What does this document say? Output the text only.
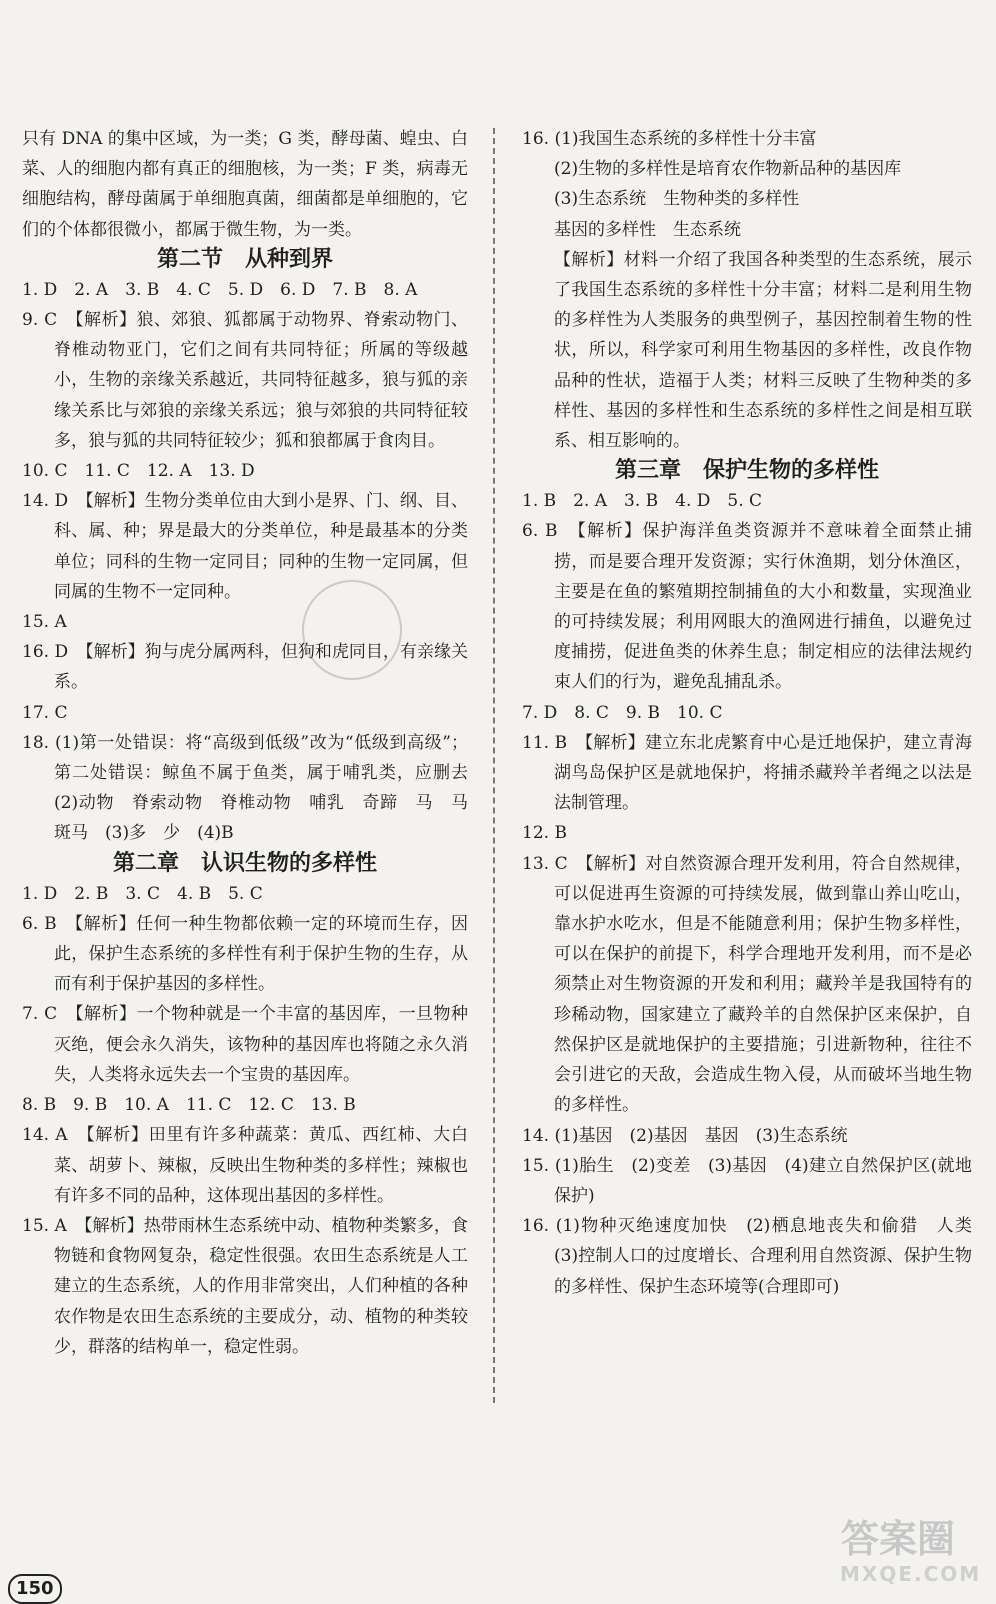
只有 DNA 的集中区域，为一类；G 类，酵母菌、蝗虫、白菜、人的细胞内都有真正的细胞核，为一类；F 类，病毒无细胞结构，酵母菌属于单细胞真菌，细菌都是单细胞的，它们的个体都很微小，都属于微生物，为一类。

第二节　从种到界

1. D　2. A　3. B　4. C　5. D　6. D　7. B　8. A

9. C　【解析】狼、郊狼、狐都属于动物界、脊索动物门、脊椎动物亚门，它们之间有共同特征；所属的等级越小，生物的亲缘关系越近，共同特征越多，狼与狐的亲缘关系比与郊狼的亲缘关系远；狼与郊狼的共同特征较多，狼与狐的共同特征较少；狐和狼都属于食肉目。

10. C　11. C　12. A　13. D

14. D　【解析】生物分类单位由大到小是界、门、纲、目、科、属、种；界是最大的分类单位，种是最基本的分类单位；同科的生物一定同目；同种的生物一定同属，但同属的生物不一定同种。

15. A

16. D　【解析】狗与虎分属两科，但狗和虎同目，有亲缘关系。

17. C

18. (1)第一处错误：将“高级到低级”改为“低级到高级”；第二处错误：鲸鱼不属于鱼类，属于哺乳类，应删去　(2)动物　脊索动物　脊椎动物　哺乳　奇蹄　马　马　斑马　(3)多　少　(4)B

第二章　认识生物的多样性

1. D　2. B　3. C　4. B　5. C

6. B　【解析】任何一种生物都依赖一定的环境而生存，因此，保护生态系统的多样性有利于保护生物的生存，从而有利于保护基因的多样性。

7. C　【解析】一个物种就是一个丰富的基因库，一旦物种灭绝，便会永久消失，该物种的基因库也将随之永久消失，人类将永远失去一个宝贵的基因库。

8. B　9. B　10. A　11. C　12. C　13. B

14. A　【解析】田里有许多种蔬菜：黄瓜、西红柿、大白菜、胡萝卜、辣椒，反映出生物种类的多样性；辣椒也有许多不同的品种，这体现出基因的多样性。

15. A　【解析】热带雨林生态系统中动、植物种类繁多，食物链和食物网复杂，稳定性很强。农田生态系统是人工建立的生态系统，人的作用非常突出，人们种植的各种农作物是农田生态系统的主要成分，动、植物的种类较少，群落的结构单一，稳定性弱。

16. (1)我国生态系统的多样性十分丰富

(2)生物的多样性是培育农作物新品种的基因库

(3)生态系统　生物种类的多样性

基因的多样性　生态系统

【解析】材料一介绍了我国各种类型的生态系统，展示了我国生态系统的多样性十分丰富；材料二是利用生物的多样性为人类服务的典型例子，基因控制着生物的性状，所以，科学家可利用生物基因的多样性，改良作物品种的性状，造福于人类；材料三反映了生物种类的多样性、基因的多样性和生态系统的多样性之间是相互联系、相互影响的。

第三章　保护生物的多样性

1. B　2. A　3. B　4. D　5. C

6. B　【解析】保护海洋鱼类资源并不意味着全面禁止捕捞，而是要合理开发资源；实行休渔期，划分休渔区，主要是在鱼的繁殖期控制捕鱼的大小和数量，实现渔业的可持续发展；利用网眼大的渔网进行捕鱼，以避免过度捕捞，促进鱼类的休养生息；制定相应的法律法规约束人们的行为，避免乱捕乱杀。

7. D　8. C　9. B　10. C

11. B　【解析】建立东北虎繁育中心是迁地保护，建立青海湖鸟岛保护区是就地保护，将捕杀藏羚羊者绳之以法是法制管理。

12. B

13. C　【解析】对自然资源合理开发利用，符合自然规律，可以促进再生资源的可持续发展，做到靠山养山吃山，靠水护水吃水，但是不能随意利用；保护生物多样性，可以在保护的前提下，科学合理地开发利用，而不是必须禁止对生物资源的开发和利用；藏羚羊是我国特有的珍稀动物，国家建立了藏羚羊的自然保护区来保护，自然保护区是就地保护的主要措施；引进新物种，往往不会引进它的天敌，会造成生物入侵，从而破坏当地生物的多样性。

14. (1)基因　(2)基因　基因　(3)生态系统

15. (1)胎生　(2)变差　(3)基因　(4)建立自然保护区(就地保护)

16. (1)物种灭绝速度加快　(2)栖息地丧失和偷猎　人类　(3)控制人口的过度增长、合理利用自然资源、保护生物的多样性、保护生态环境等(合理即可)

150
答案圈
MXQE.COM
